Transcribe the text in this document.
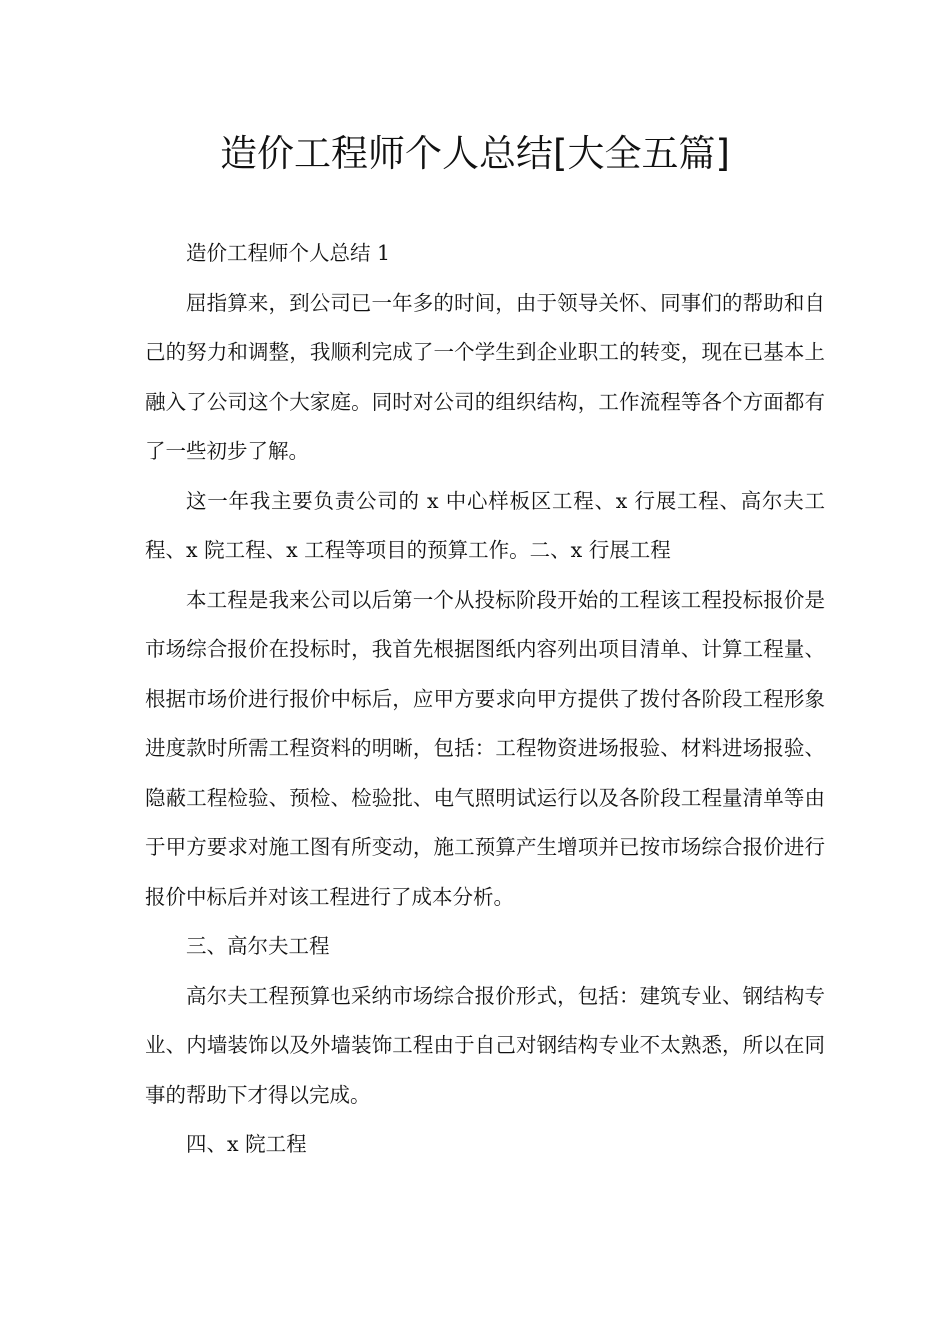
造价工程师个人总结[大全五篇]

造价工程师个人总结 1

屈指算来，到公司已一年多的时间，由于领导关怀、同事们的帮助和自己的努力和调整，我顺利完成了一个学生到企业职工的转变，现在已基本上融入了公司这个大家庭。同时对公司的组织结构，工作流程等各个方面都有了一些初步了解。

这一年我主要负责公司的 x 中心样板区工程、x 行展工程、高尔夫工程、x 院工程、x 工程等项目的预算工作。二、x 行展工程

本工程是我来公司以后第一个从投标阶段开始的工程该工程投标报价是市场综合报价在投标时，我首先根据图纸内容列出项目清单、计算工程量、根据市场价进行报价中标后，应甲方要求向甲方提供了拨付各阶段工程形象进度款时所需工程资料的明晰，包括：工程物资进场报验、材料进场报验、隐蔽工程检验、预检、检验批、电气照明试运行以及各阶段工程量清单等由于甲方要求对施工图有所变动，施工预算产生增项并已按市场综合报价进行报价中标后并对该工程进行了成本分析。

三、高尔夫工程

高尔夫工程预算也采纳市场综合报价形式，包括：建筑专业、钢结构专业、内墙装饰以及外墙装饰工程由于自己对钢结构专业不太熟悉，所以在同事的帮助下才得以完成。

四、x 院工程
